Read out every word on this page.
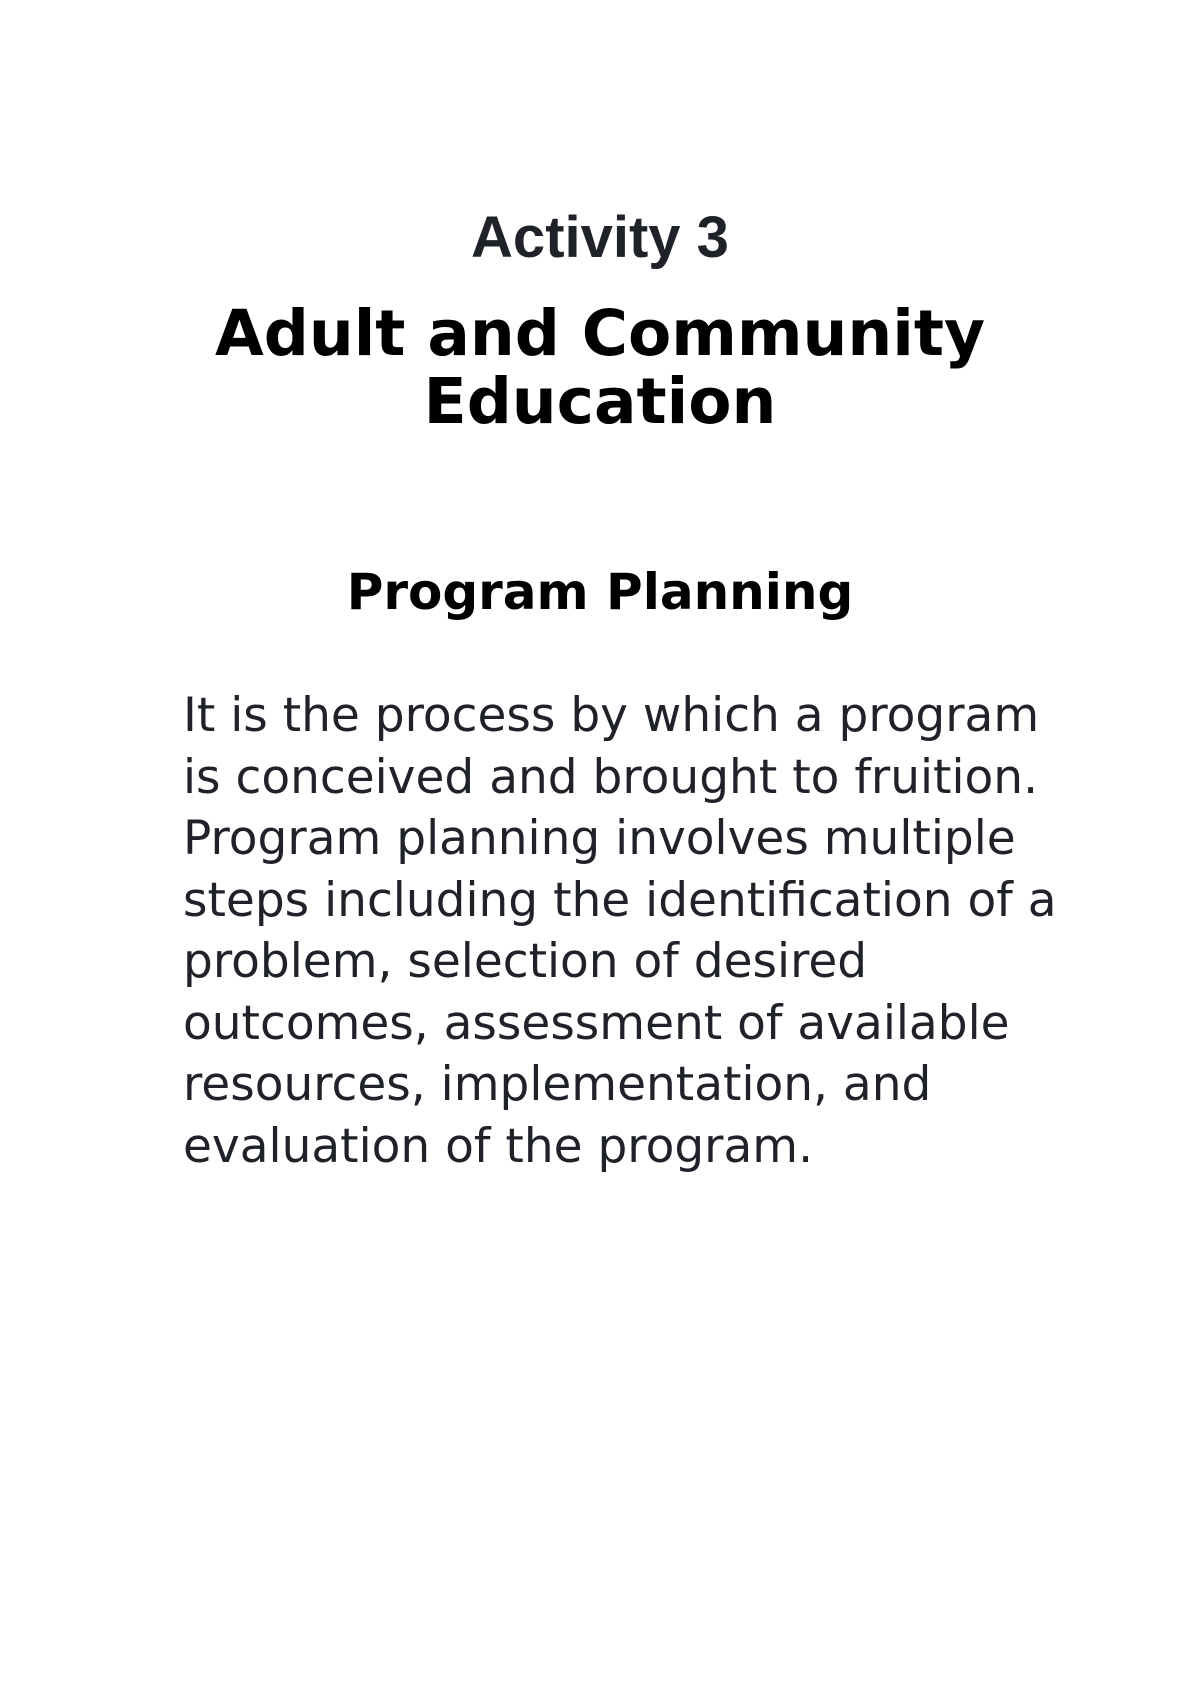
Activity 3
Adult and Community Education
Program Planning

It is the process by which a program is conceived and brought to fruition. Program planning involves multiple steps including the identification of a problem, selection of desired outcomes, assessment of available resources, implementation, and evaluation of the program.
